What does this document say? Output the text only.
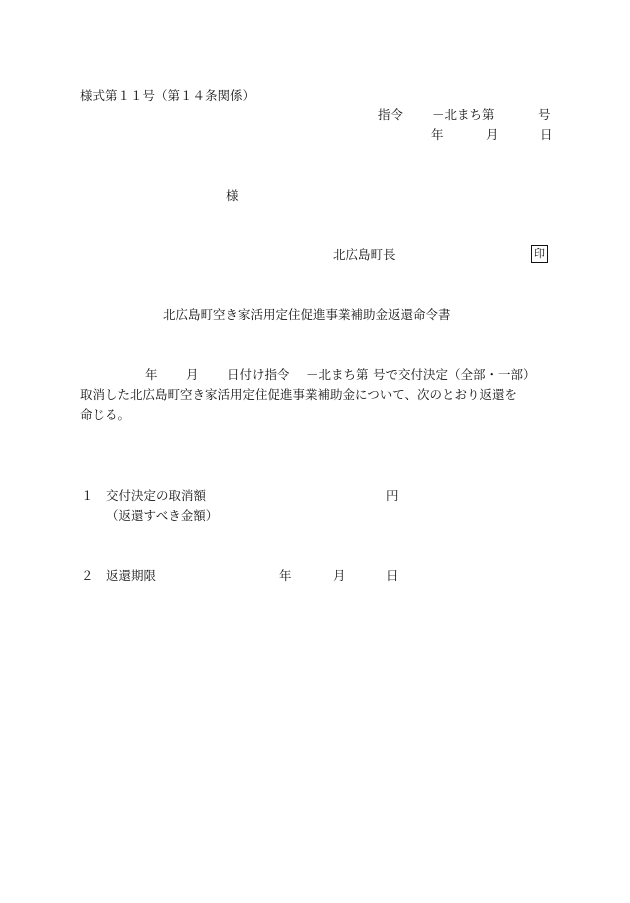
様式第１１号（第１４条関係）
指令 －北まち第	号
年	月	日
様
北広島町長	印
北広島町空き家活用定住促進事業補助金返還命令書
年 月 日付け指令 －北まち第 号で交付決定（全部・一部）
取消した北広島町空き家活用定住促進事業補助金について、次のとおり返還を
命じる。
１ 交付決定の取消額	円
（返還すべき金額）
２ 返還期限	年	月	日
